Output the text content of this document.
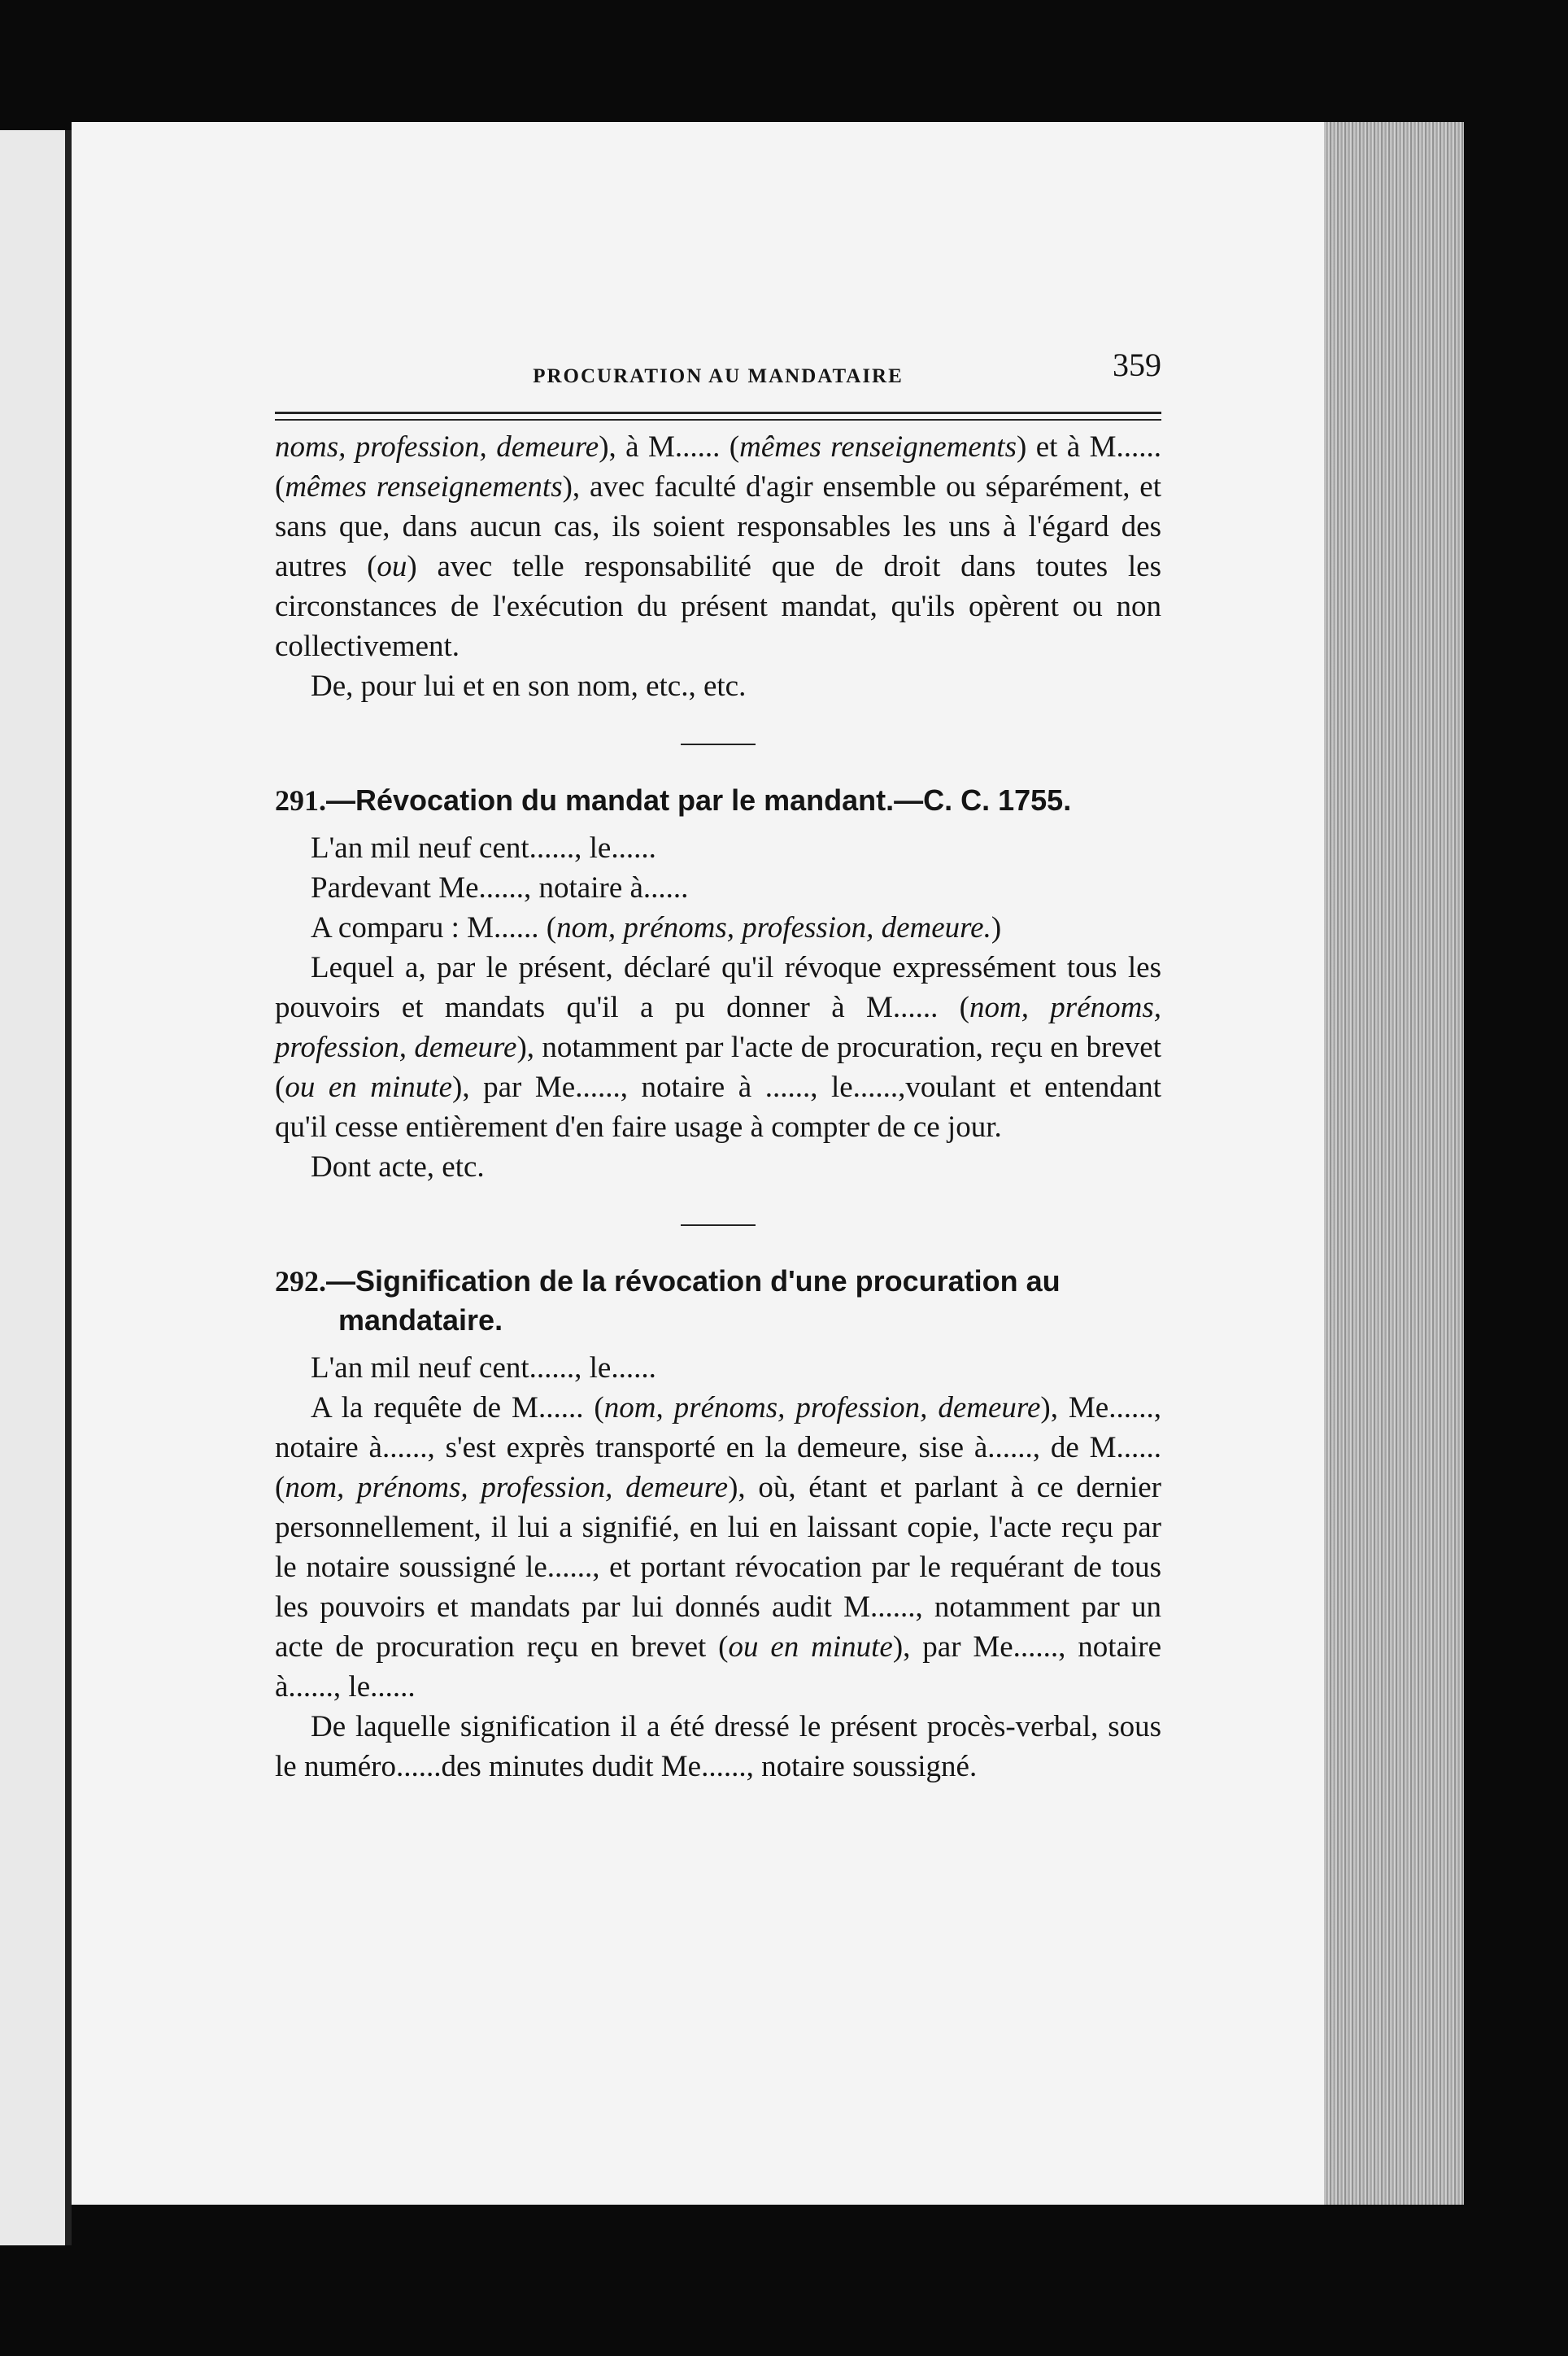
PROCURATION AU MANDATAIRE	359

noms, profession, demeure), à M...... (mêmes renseignements) et à M...... (mêmes renseignements), avec faculté d'agir ensemble ou séparément, et sans que, dans aucun cas, ils soient responsables les uns à l'égard des autres (ou) avec telle responsabilité que de droit dans toutes les circonstances de l'exécution du présent mandat, qu'ils opèrent ou non collectivement.

De, pour lui et en son nom, etc., etc.

291.—Révocation du mandat par le mandant.—C. C. 1755.

L'an mil neuf cent......, le......

Pardevant Me......, notaire à......

A comparu : M...... (nom, prénoms, profession, demeure.)

Lequel a, par le présent, déclaré qu'il révoque expressément tous les pouvoirs et mandats qu'il a pu donner à M...... (nom, prénoms, profession, demeure), notamment par l'acte de procuration, reçu en brevet (ou en minute), par Me......, notaire à ......, le......,voulant et entendant qu'il cesse entièrement d'en faire usage à compter de ce jour.

Dont acte, etc.

292.—Signification de la révocation d'une procuration au mandataire.

L'an mil neuf cent......, le......

A la requête de M...... (nom, prénoms, profession, demeure), Me......, notaire à......, s'est exprès transporté en la demeure, sise à......, de M...... (nom, prénoms, profession, demeure), où, étant et parlant à ce dernier personnellement, il lui a signifié, en lui en laissant copie, l'acte reçu par le notaire soussigné le......, et portant révocation par le requérant de tous les pouvoirs et mandats par lui donnés audit M......, notamment par un acte de procuration reçu en brevet (ou en minute), par Me......, notaire à......, le......

De laquelle signification il a été dressé le présent procès-verbal, sous le numéro......des minutes dudit Me......, notaire soussigné.
